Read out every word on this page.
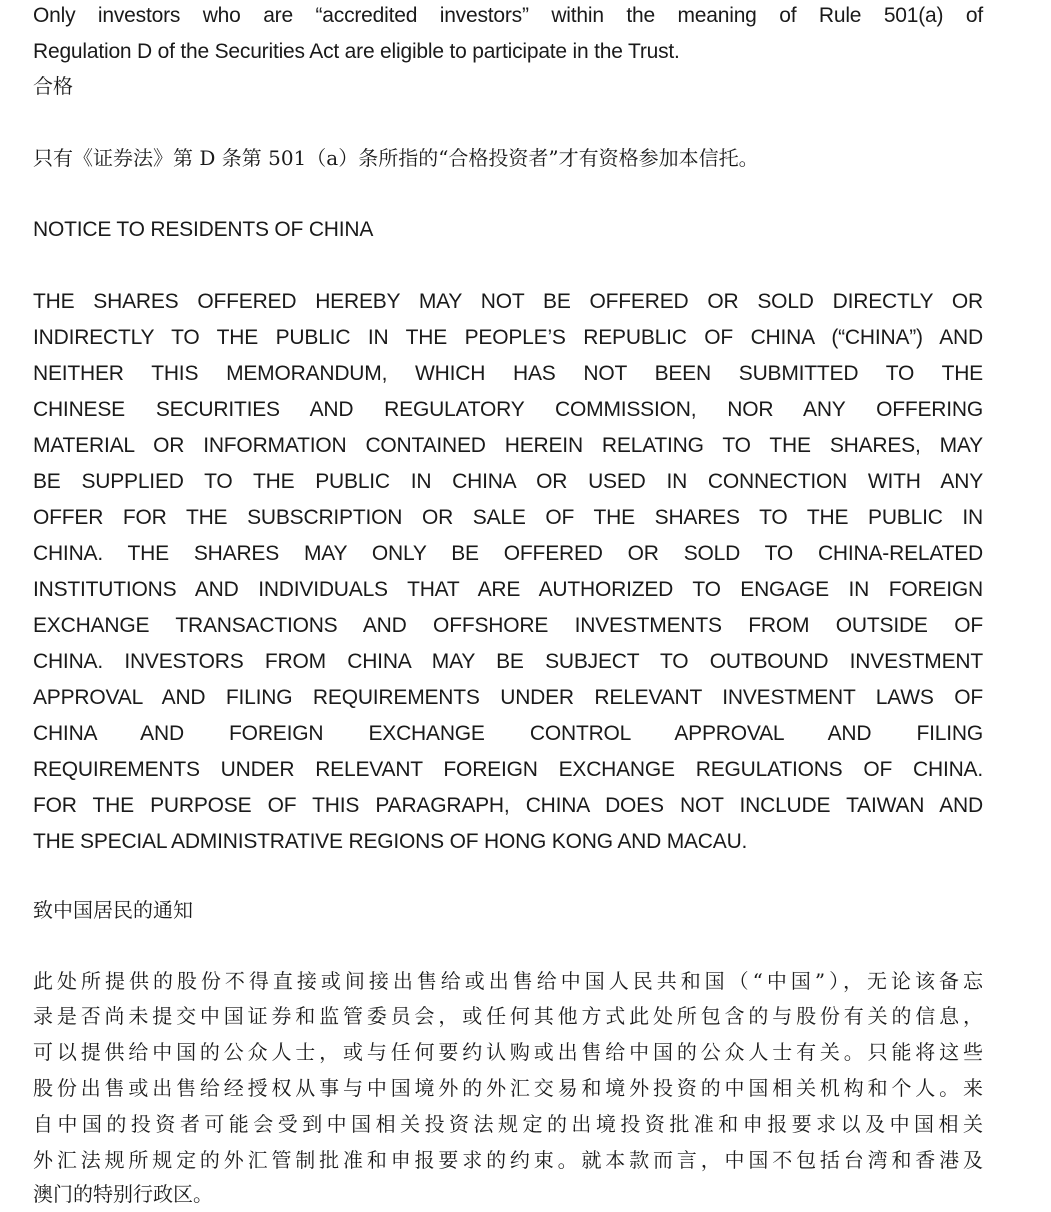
Only investors who are “accredited investors” within the meaning of Rule 501(a) of
Regulation D of the Securities Act are eligible to participate in the Trust.
合格
只有《证券法》第 D 条第 501（a）条所指的“合格投资者”才有资格参加本信托。
NOTICE TO RESIDENTS OF CHINA
THE SHARES OFFERED HEREBY MAY NOT BE OFFERED OR SOLD DIRECTLY OR
INDIRECTLY TO THE PUBLIC IN THE PEOPLE’S REPUBLIC OF CHINA (“CHINA”) AND
NEITHER THIS MEMORANDUM, WHICH HAS NOT BEEN SUBMITTED TO THE
CHINESE SECURITIES AND REGULATORY COMMISSION, NOR ANY OFFERING
MATERIAL OR INFORMATION CONTAINED HEREIN RELATING TO THE SHARES, MAY
BE SUPPLIED TO THE PUBLIC IN CHINA OR USED IN CONNECTION WITH ANY
OFFER FOR THE SUBSCRIPTION OR SALE OF THE SHARES TO THE PUBLIC IN
CHINA. THE SHARES MAY ONLY BE OFFERED OR SOLD TO CHINA-RELATED
INSTITUTIONS AND INDIVIDUALS THAT ARE AUTHORIZED TO ENGAGE IN FOREIGN
EXCHANGE TRANSACTIONS AND OFFSHORE INVESTMENTS FROM OUTSIDE OF
CHINA. INVESTORS FROM CHINA MAY BE SUBJECT TO OUTBOUND INVESTMENT
APPROVAL AND FILING REQUIREMENTS UNDER RELEVANT INVESTMENT LAWS OF
CHINA AND FOREIGN EXCHANGE CONTROL APPROVAL AND FILING
REQUIREMENTS UNDER RELEVANT FOREIGN EXCHANGE REGULATIONS OF CHINA.
FOR THE PURPOSE OF THIS PARAGRAPH, CHINA DOES NOT INCLUDE TAIWAN AND
THE SPECIAL ADMINISTRATIVE REGIONS OF HONG KONG AND MACAU.
致中国居民的通知
此处所提供的股份不得直接或间接出售给或出售给中国人民共和国（“中国”），无论该备忘
录是否尚未提交中国证券和监管委员会，或任何其他方式此处所包含的与股份有关的信息，
可以提供给中国的公众人士，或与任何要约认购或出售给中国的公众人士有关。只能将这些
股份出售或出售给经授权从事与中国境外的外汇交易和境外投资的中国相关机构和个人。来
自中国的投资者可能会受到中国相关投资法规定的出境投资批准和申报要求以及中国相关
外汇法规所规定的外汇管制批准和申报要求的约束。就本款而言，中国不包括台湾和香港及
澳门的特别行政区。
